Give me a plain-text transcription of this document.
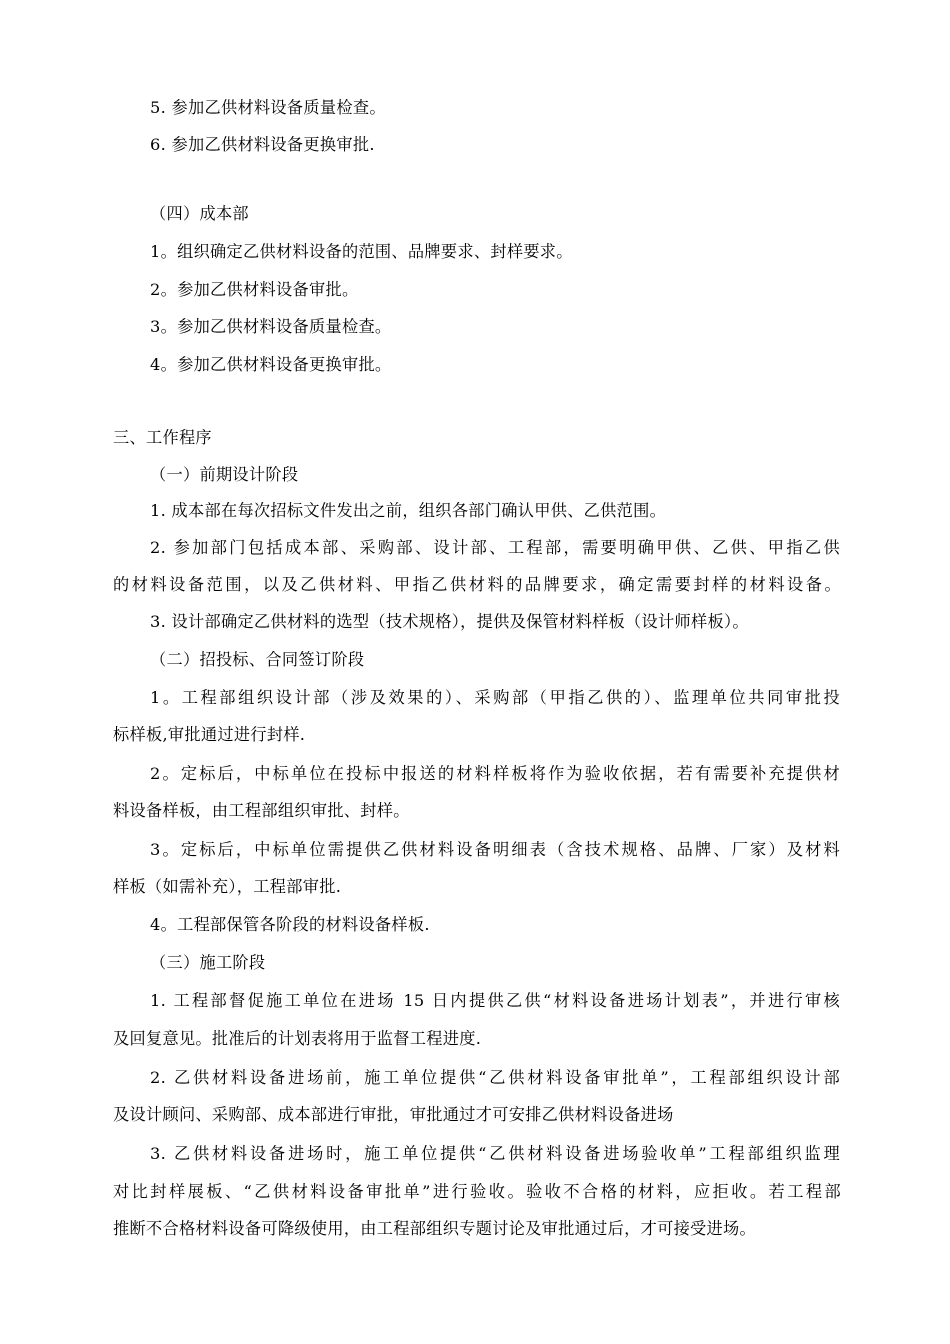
5. 参加乙供材料设备质量检查。
6. 参加乙供材料设备更换审批.
（四）成本部
1。组织确定乙供材料设备的范围、品牌要求、封样要求。
2。参加乙供材料设备审批。
3。参加乙供材料设备质量检查。
4。参加乙供材料设备更换审批。
三、工作程序
（一）前期设计阶段
1. 成本部在每次招标文件发出之前，组织各部门确认甲供、乙供范围。
2. 参加部门包括成本部、采购部、设计部、工程部，需要明确甲供、乙供、甲指乙供
的材料设备范围，以及乙供材料、甲指乙供材料的品牌要求，确定需要封样的材料设备。
3. 设计部确定乙供材料的选型（技术规格），提供及保管材料样板（设计师样板）。
（二）招投标、合同签订阶段
1。工程部组织设计部（涉及效果的）、采购部（甲指乙供的）、监理单位共同审批投
标样板,审批通过进行封样.
2。定标后，中标单位在投标中报送的材料样板将作为验收依据，若有需要补充提供材
料设备样板，由工程部组织审批、封样。
3。定标后，中标单位需提供乙供材料设备明细表（含技术规格、品牌、厂家）及材料
样板（如需补充），工程部审批.
4。工程部保管各阶段的材料设备样板.
（三）施工阶段
1. 工程部督促施工单位在进场 15 日内提供乙供“材料设备进场计划表”，并进行审核
及回复意见。批准后的计划表将用于监督工程进度.
2. 乙供材料设备进场前，施工单位提供“乙供材料设备审批单”，工程部组织设计部
及设计顾问、采购部、成本部进行审批，审批通过才可安排乙供材料设备进场
3. 乙供材料设备进场时，施工单位提供“乙供材料设备进场验收单”工程部组织监理
对比封样展板、“乙供材料设备审批单”进行验收。验收不合格的材料，应拒收。若工程部
推断不合格材料设备可降级使用，由工程部组织专题讨论及审批通过后，才可接受进场。
